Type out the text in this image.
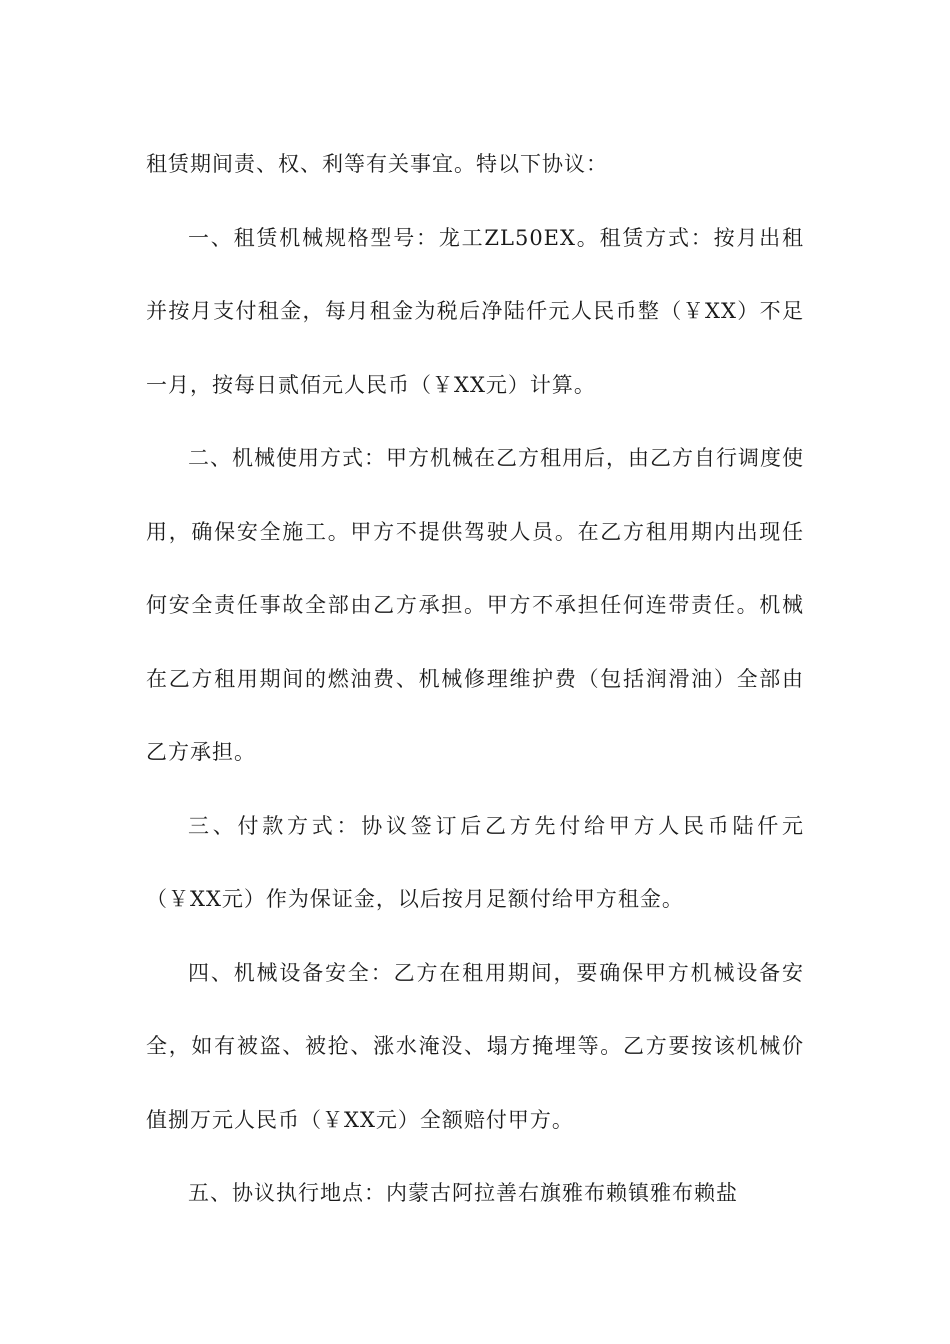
租赁期间责、权、利等有关事宜。特以下协议：

一、租赁机械规格型号：龙工ZL50EX。租赁方式：按月出租并按月支付租金，每月租金为税后净陆仟元人民币整（￥XX）不足一月，按每日贰佰元人民币（￥XX元）计算。

二、机械使用方式：甲方机械在乙方租用后，由乙方自行调度使用，确保安全施工。甲方不提供驾驶人员。在乙方租用期内出现任何安全责任事故全部由乙方承担。甲方不承担任何连带责任。机械在乙方租用期间的燃油费、机械修理维护费（包括润滑油）全部由乙方承担。

三、付款方式：协议签订后乙方先付给甲方人民币陆仟元（￥XX元）作为保证金，以后按月足额付给甲方租金。

四、机械设备安全：乙方在租用期间，要确保甲方机械设备安全，如有被盗、被抢、涨水淹没、塌方掩埋等。乙方要按该机械价值捌万元人民币（￥XX元）全额赔付甲方。

五、协议执行地点：内蒙古阿拉善右旗雅布赖镇雅布赖盐
